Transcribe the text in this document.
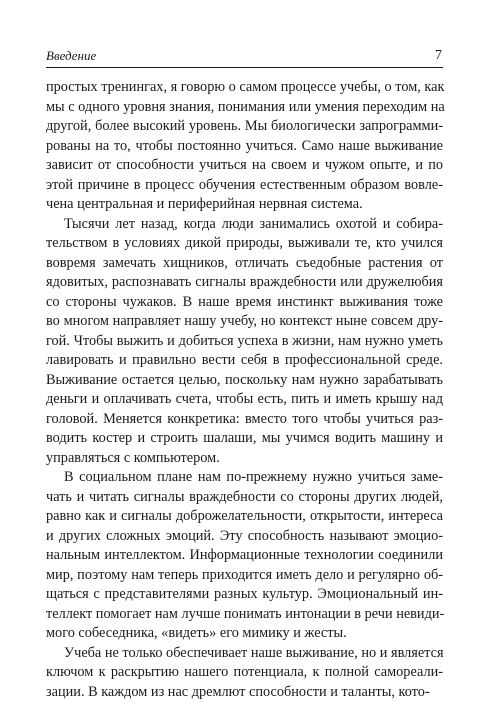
Введение	7

простых тренингах, я говорю о самом процессе учебы, о том, как
мы с одного уровня знания, понимания или умения переходим на
другой, более высокий уровень. Мы биологически запрограмми-
рованы на то, чтобы постоянно учиться. Само наше выживание
зависит от способности учиться на своем и чужом опыте, и по
этой причине в процесс обучения естественным образом вовле-
чена центральная и периферийная нервная система.

Тысячи лет назад, когда люди занимались охотой и собира-
тельством в условиях дикой природы, выживали те, кто учился
вовремя замечать хищников, отличать съедобные растения от
ядовитых, распознавать сигналы враждебности или дружелюбия
со стороны чужаков. В наше время инстинкт выживания тоже
во многом направляет нашу учебу, но контекст ныне совсем дру-
гой. Чтобы выжить и добиться успеха в жизни, нам нужно уметь
лавировать и правильно вести себя в профессиональной среде.
Выживание остается целью, поскольку нам нужно зарабатывать
деньги и оплачивать счета, чтобы есть, пить и иметь крышу над
головой. Меняется конкретика: вместо того чтобы учиться раз-
водить костер и строить шалаши, мы учимся водить машину и
управляться с компьютером.

В социальном плане нам по-прежнему нужно учиться заме-
чать и читать сигналы враждебности со стороны других людей,
равно как и сигналы доброжелательности, открытости, интереса
и других сложных эмоций. Эту способность называют эмоцио-
нальным интеллектом. Информационные технологии соединили
мир, поэтому нам теперь приходится иметь дело и регулярно об-
щаться с представителями разных культур. Эмоциональный ин-
теллект помогает нам лучше понимать интонации в речи невиди-
мого собеседника, «видеть» его мимику и жесты.

Учеба не только обеспечивает наше выживание, но и является
ключом к раскрытию нашего потенциала, к полной самореали-
зации. В каждом из нас дремлют способности и таланты, кото-
